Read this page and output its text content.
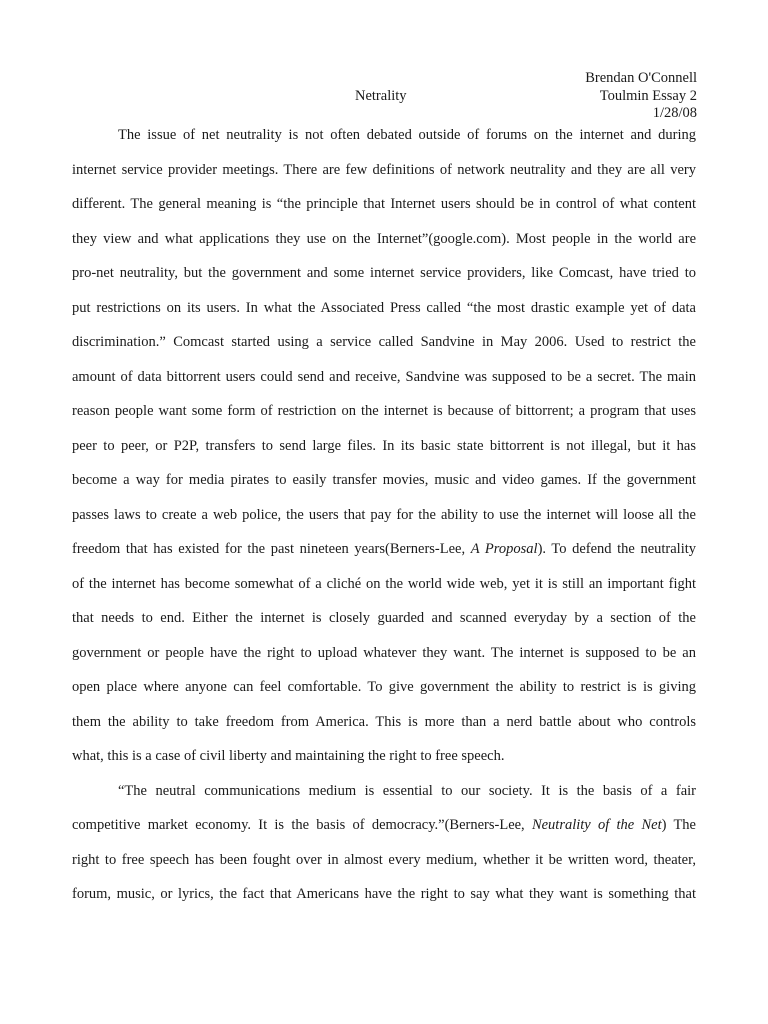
Brendan O'Connell
Toulmin Essay 2
1/28/08
Netrality
The issue of net neutrality is not often debated outside of forums on the internet and during
internet service provider meetings. There are few definitions of network neutrality and they are all very
different. The general meaning is “the principle that Internet users should be in control of what content
they view and what applications they use on the Internet”(google.com). Most people in the world are
pro-net neutrality, but the government and some internet service providers, like Comcast, have tried to
put restrictions on its users. In what the Associated Press called “the most drastic example yet of data
discrimination.” Comcast started using a service called Sandvine in May 2006. Used to restrict the
amount of data bittorrent users could send and receive, Sandvine was supposed to be a secret. The main
reason people want some form of restriction on the internet is because of bittorrent; a program that uses
peer to peer, or P2P, transfers to send large files. In its basic state bittorrent is not illegal, but it has
become a way for media pirates to easily transfer movies, music and video games. If the government
passes laws to create a web police, the users that pay for the ability to use the internet will loose all the
freedom that has existed for the past nineteen years(Berners-Lee, A Proposal). To defend the neutrality
of the internet has become somewhat of a cliché on the world wide web, yet it is still an important fight
that needs to end. Either the internet is closely guarded and scanned everyday by a section of the
government or people have the right to upload whatever they want. The internet is supposed to be an
open place where anyone can feel comfortable. To give government the ability to restrict is is giving
them the ability to take freedom from America. This is more than a nerd battle about who controls
what, this is a case of civil liberty and maintaining the right to free speech.
“The neutral communications medium is essential to our society. It is the basis of a fair
competitive market economy. It is the basis of democracy.”(Berners-Lee, Neutrality of the Net) The
right to free speech has been fought over in almost every medium, whether it be written word, theater,
forum, music, or lyrics, the fact that Americans have the right to say what they want is something that
